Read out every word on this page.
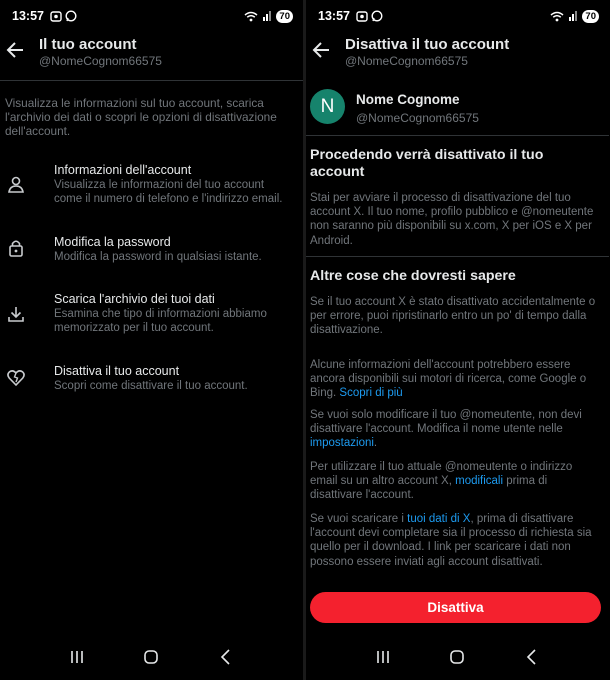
13:57	70
Il tuo account
@NomeCognom66575
Visualizza le informazioni sul tuo account, scarica l'archivio dei dati o scopri le opzioni di disattivazione dell'account.
Informazioni dell'account
Visualizza le informazioni del tuo account come il numero di telefono e l'indirizzo email.
Modifica la password
Modifica la password in qualsiasi istante.
Scarica l'archivio dei tuoi dati
Esamina che tipo di informazioni abbiamo memorizzato per il tuo account.
Disattiva il tuo account
Scopri come disattivare il tuo account.
13:57	70
Disattiva il tuo account
@NomeCognom66575
N	Nome Cognome
@NomeCognom66575
Procedendo verrà disattivato il tuo account
Stai per avviare il processo di disattivazione del tuo account X. Il tuo nome, profilo pubblico e @nomeutente non saranno più disponibili su x.com, X per iOS e X per Android.
Altre cose che dovresti sapere
Se il tuo account X è stato disattivato accidentalmente o per errore, puoi ripristinarlo entro un po' di tempo dalla disattivazione.
Alcune informazioni dell'account potrebbero essere ancora disponibili sui motori di ricerca, come Google o Bing. Scopri di più
Se vuoi solo modificare il tuo @nomeutente, non devi disattivare l'account. Modifica il nome utente nelle impostazioni.
Per utilizzare il tuo attuale @nomeutente o indirizzo email su un altro account X, modificali prima di disattivare l'account.
Se vuoi scaricare i tuoi dati di X, prima di disattivare l'account devi completare sia il processo di richiesta sia quello per il download. I link per scaricare i dati non possono essere inviati agli account disattivati.
Disattiva
